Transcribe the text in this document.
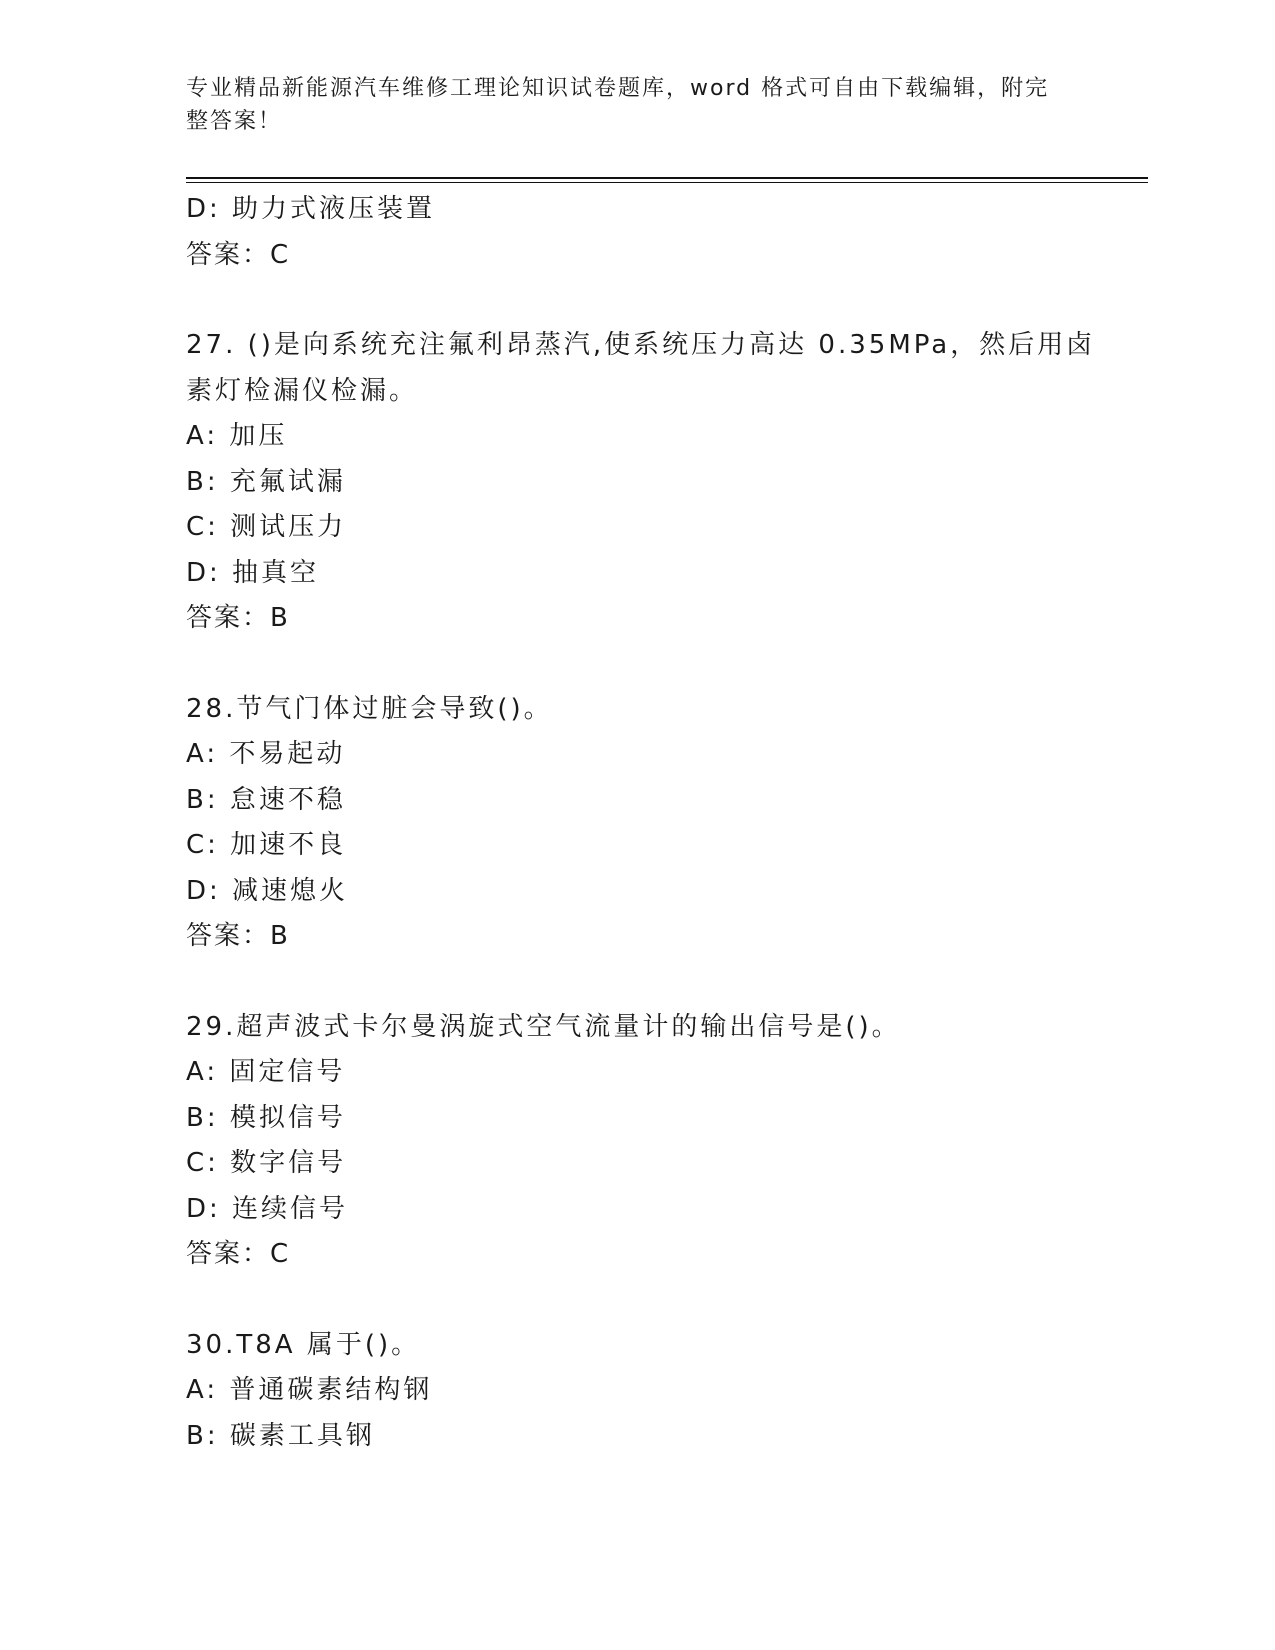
专业精品新能源汽车维修工理论知识试卷题库，word 格式可自由下载编辑，附完整答案！
D: 助力式液压装置
答案：C
27. ()是向系统充注氟利昂蒸汽,使系统压力高达 0.35MPa，然后用卤
素灯检漏仪检漏。
A: 加压
B: 充氟试漏
C: 测试压力
D: 抽真空
答案：B
28.节气门体过脏会导致()。
A: 不易起动
B: 怠速不稳
C: 加速不良
D: 减速熄火
答案：B
29.超声波式卡尔曼涡旋式空气流量计的输出信号是()。
A: 固定信号
B: 模拟信号
C: 数字信号
D: 连续信号
答案：C
30.T8A 属于()。
A: 普通碳素结构钢
B: 碳素工具钢
